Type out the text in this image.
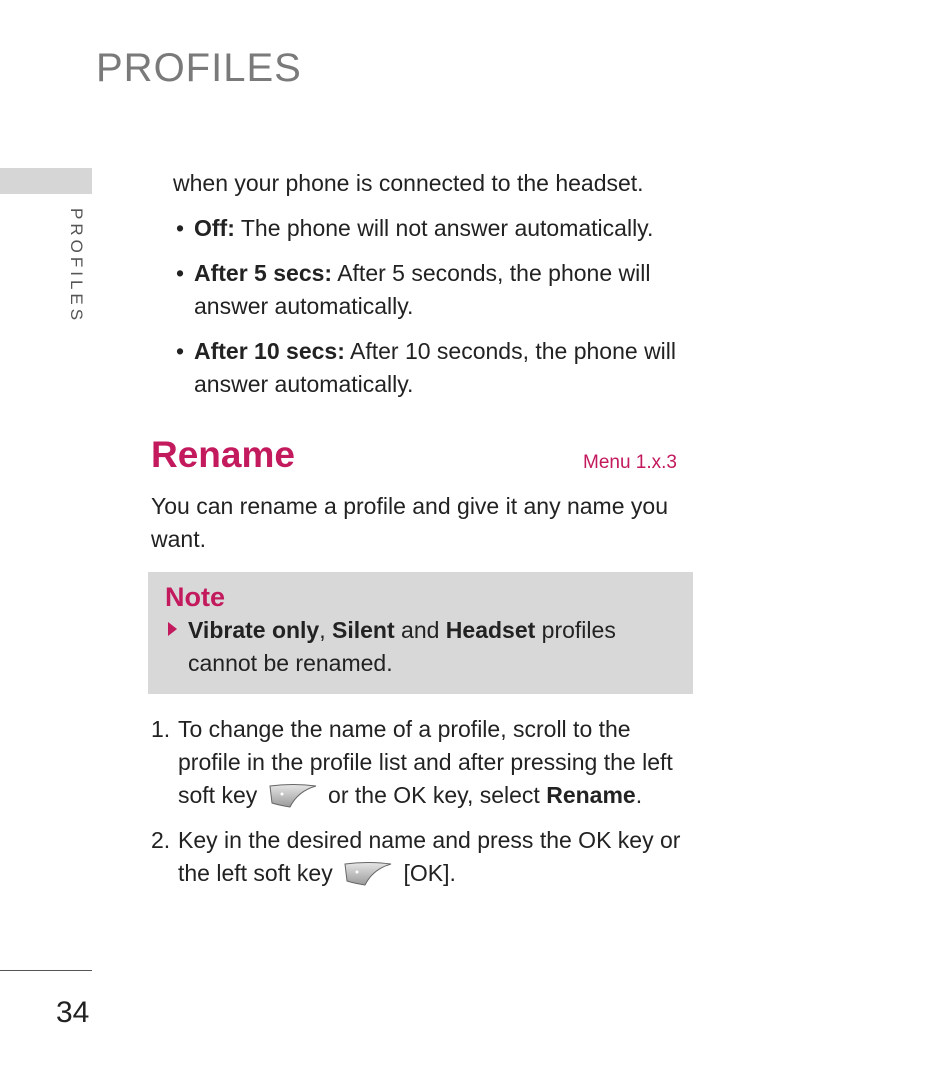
PROFILES
PROFILES
when your phone is connected to the headset.
• Off: The phone will not answer automatically.
• After 5 secs: After 5 seconds, the phone will answer automatically.
• After 10 secs: After 10 seconds, the phone will answer automatically.
Rename	Menu 1.x.3
You can rename a profile and give it any name you want.
Note
Vibrate only, Silent and Headset profiles cannot be renamed.
1. To change the name of a profile, scroll to the profile in the profile list and after pressing the left soft key	or the OK key, select Rename.
2. Key in the desired name and press the OK key or the left soft key	[OK].
34
